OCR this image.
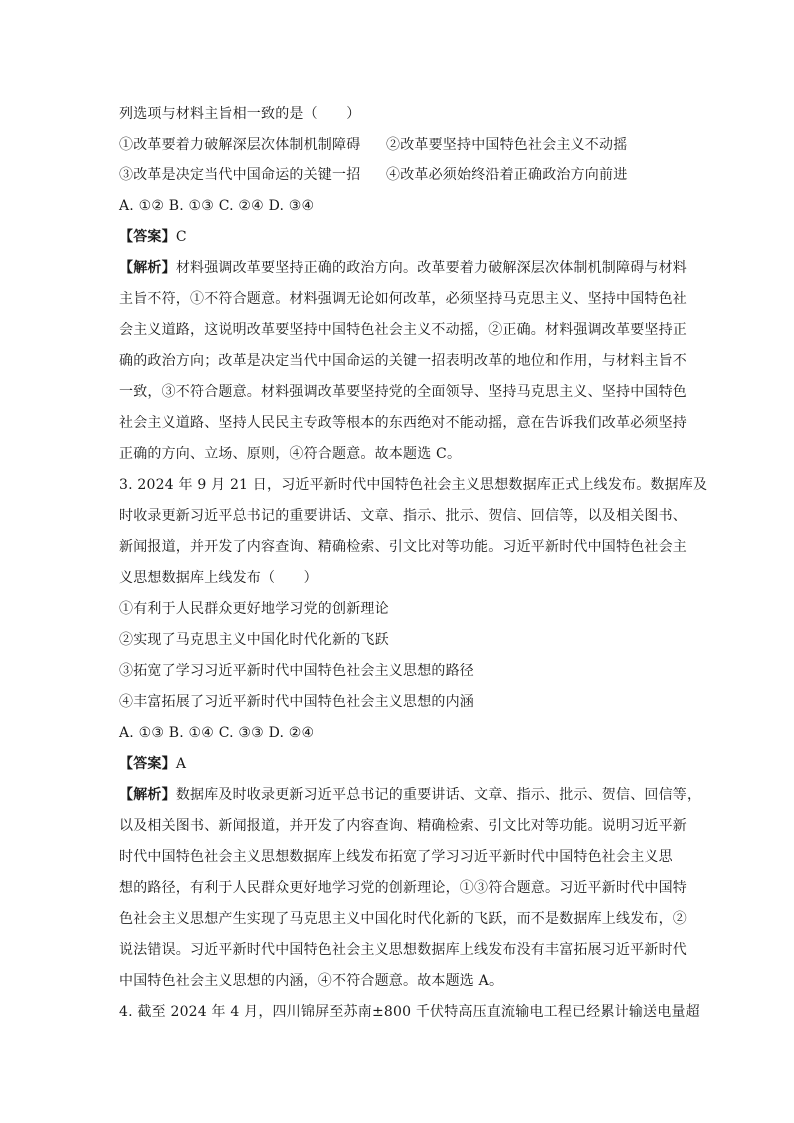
列选项与材料主旨相一致的是（　　）
①改革要着力破解深层次体制机制障碍 ②改革要坚持中国特色社会主义不动摇
③改革是决定当代中国命运的关键一招 ④改革必须始终沿着正确政治方向前进
A. ①② B. ①③ C. ②④ D. ③④
【答案】C
【解析】材料强调改革要坚持正确的政治方向。改革要着力破解深层次体制机制障碍与材料
主旨不符，①不符合题意。材料强调无论如何改革，必须坚持马克思主义、坚持中国特色社
会主义道路，这说明改革要坚持中国特色社会主义不动摇，②正确。材料强调改革要坚持正
确的政治方向；改革是决定当代中国命运的关键一招表明改革的地位和作用，与材料主旨不
一致，③不符合题意。材料强调改革要坚持党的全面领导、坚持马克思主义、坚持中国特色
社会主义道路、坚持人民民主专政等根本的东西绝对不能动摇，意在告诉我们改革必须坚持
正确的方向、立场、原则，④符合题意。故本题选 C。
3. 2024 年 9 月 21 日，习近平新时代中国特色社会主义思想数据库正式上线发布。数据库及
时收录更新习近平总书记的重要讲话、文章、指示、批示、贺信、回信等，以及相关图书、
新闻报道，并开发了内容查询、精确检索、引文比对等功能。习近平新时代中国特色社会主
义思想数据库上线发布（　　）
①有利于人民群众更好地学习党的创新理论
②实现了马克思主义中国化时代化新的飞跃
③拓宽了学习习近平新时代中国特色社会主义思想的路径
④丰富拓展了习近平新时代中国特色社会主义思想的内涵
A. ①③ B. ①④ C. ③③ D. ②④
【答案】A
【解析】数据库及时收录更新习近平总书记的重要讲话、文章、指示、批示、贺信、回信等，
以及相关图书、新闻报道，并开发了内容查询、精确检索、引文比对等功能。说明习近平新
时代中国特色社会主义思想数据库上线发布拓宽了学习习近平新时代中国特色社会主义思
想的路径，有利于人民群众更好地学习党的创新理论，①③符合题意。习近平新时代中国特
色社会主义思想产生实现了马克思主义中国化时代化新的飞跃，而不是数据库上线发布，②
说法错误。习近平新时代中国特色社会主义思想数据库上线发布没有丰富拓展习近平新时代
中国特色社会主义思想的内涵，④不符合题意。故本题选 A。
4. 截至 2024 年 4 月，四川锦屏至苏南±800 千伏特高压直流输电工程已经累计输送电量超
